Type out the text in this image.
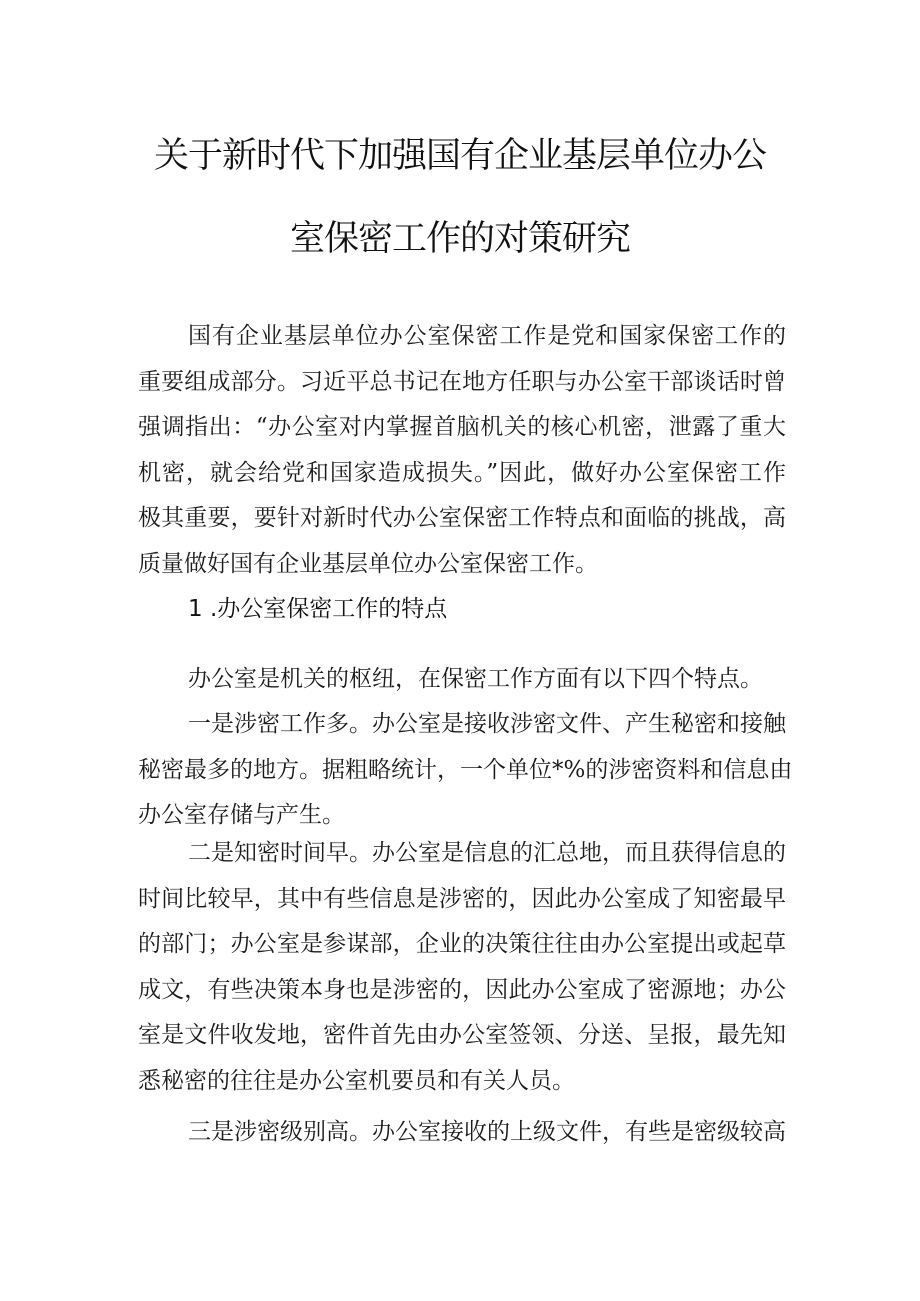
关于新时代下加强国有企业基层单位办公
室保密工作的对策研究
国有企业基层单位办公室保密工作是党和国家保密工作的
重要组成部分。习近平总书记在地方任职与办公室干部谈话时曾
强调指出：“办公室对内掌握首脑机关的核心机密，泄露了重大
机密，就会给党和国家造成损失。”因此，做好办公室保密工作
极其重要，要针对新时代办公室保密工作特点和面临的挑战，高
质量做好国有企业基层单位办公室保密工作。
1 .办公室保密工作的特点
办公室是机关的枢纽，在保密工作方面有以下四个特点。
一是涉密工作多。办公室是接收涉密文件、产生秘密和接触
秘密最多的地方。据粗略统计，一个单位*%的涉密资料和信息由
办公室存储与产生。
二是知密时间早。办公室是信息的汇总地，而且获得信息的
时间比较早，其中有些信息是涉密的，因此办公室成了知密最早
的部门；办公室是参谋部，企业的决策往往由办公室提出或起草
成文，有些决策本身也是涉密的，因此办公室成了密源地；办公
室是文件收发地，密件首先由办公室签领、分送、呈报，最先知
悉秘密的往往是办公室机要员和有关人员。
三是涉密级别高。办公室接收的上级文件，有些是密级较高
